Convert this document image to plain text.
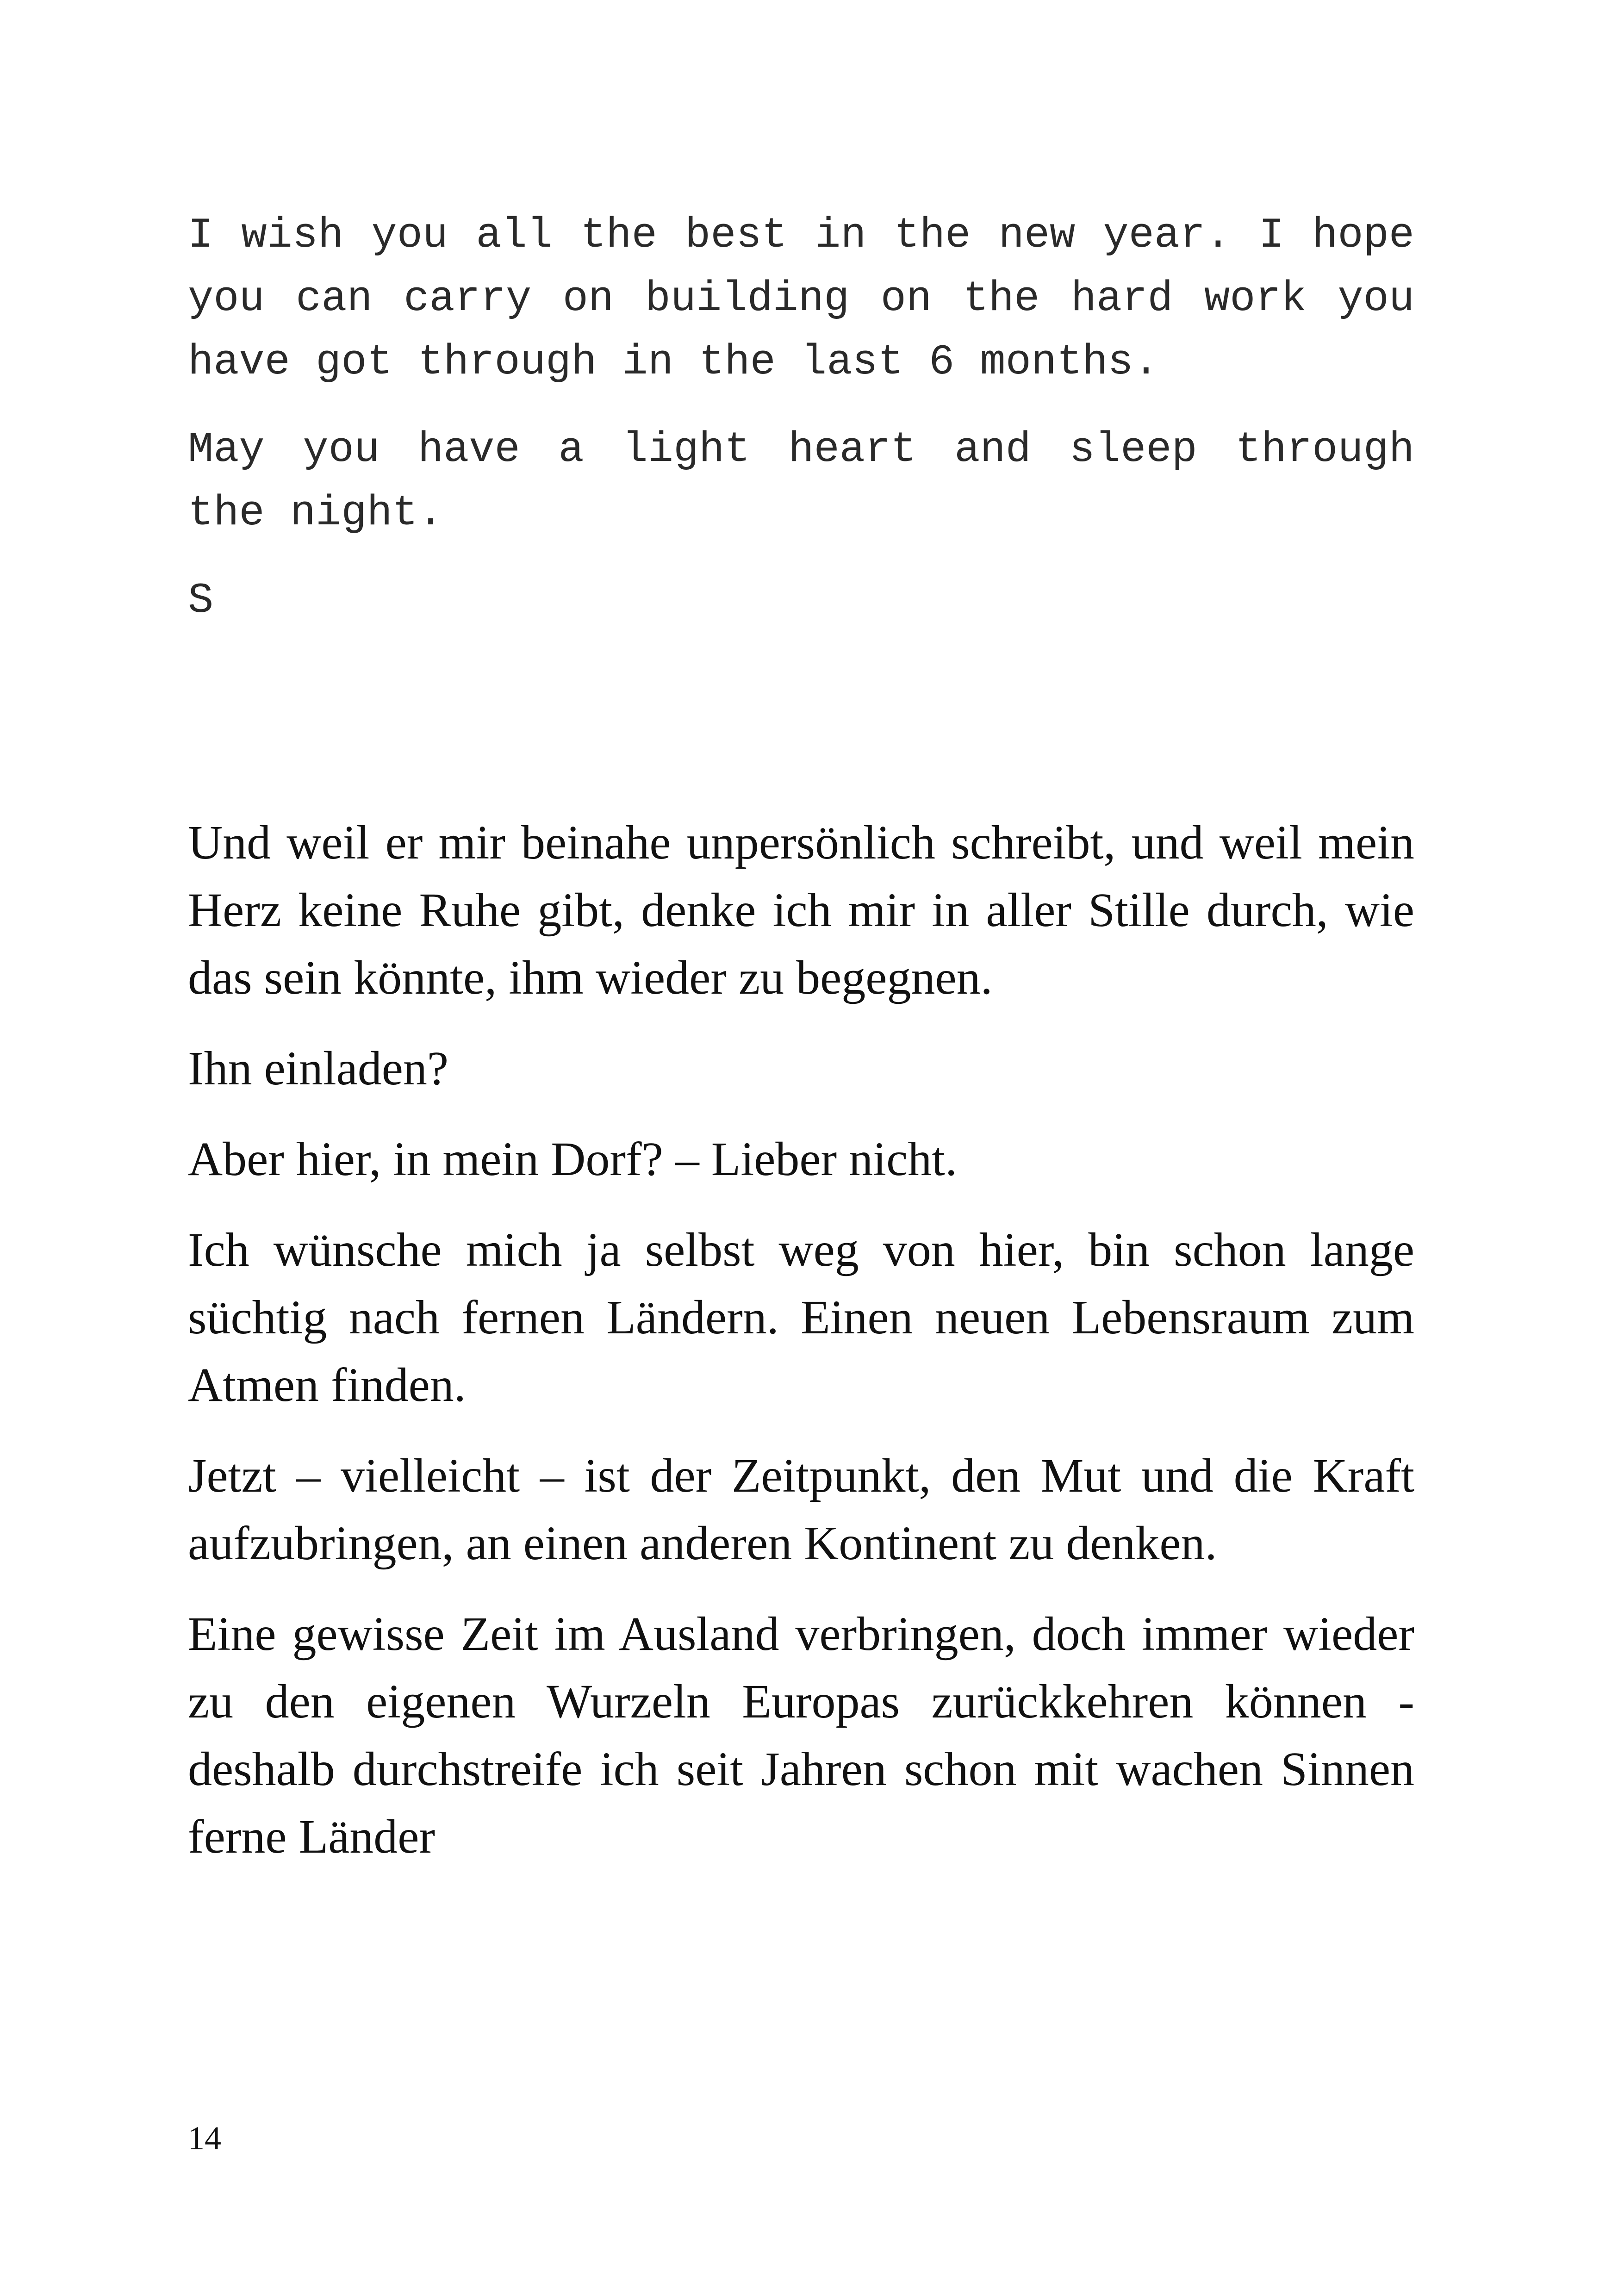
I wish you all the best in the new year. I hope you can carry on building on the hard work you have got through in the last 6 months.

May you have a light heart and sleep through the night.

S

Und weil er mir beinahe unpersönlich schreibt, und weil mein Herz keine Ruhe gibt, denke ich mir in aller Stille durch, wie das sein könnte, ihm wieder zu begegnen.

Ihn einladen?

Aber hier, in mein Dorf? – Lieber nicht.

Ich wünsche mich ja selbst weg von hier, bin schon lange süchtig nach fernen Ländern. Einen neuen Lebensraum zum Atmen finden.

Jetzt – vielleicht – ist der Zeitpunkt, den Mut und die Kraft aufzubringen, an einen anderen Kontinent zu denken.

Eine gewisse Zeit im Ausland verbringen, doch immer wieder zu den eigenen Wurzeln Europas zurückkehren können - deshalb durchstreife ich seit Jahren schon mit wachen Sinnen ferne Länder

14
